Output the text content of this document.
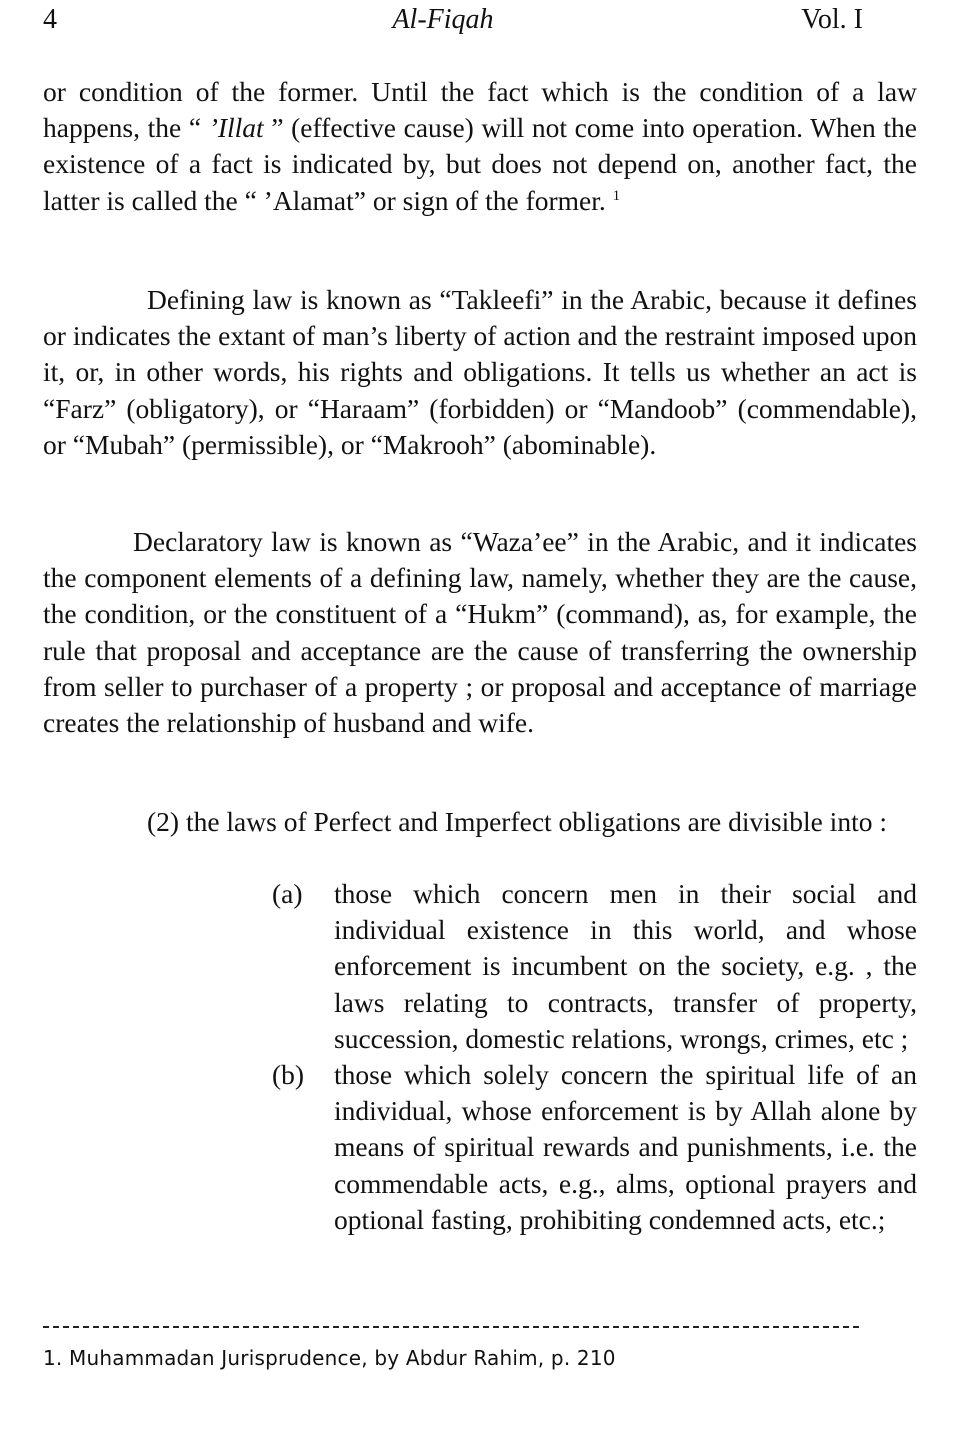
4	Al-Fiqah	Vol. I

or condition of the former. Until the fact which is the condition of a law happens, the “ ’Illat ” (effective cause) will not come into operation. When the existence of a fact is indicated by, but does not depend on, another fact, the latter is called the “ ’Alamat” or sign of the former. $^1$

Defining law is known as “Takleefi” in the Arabic, because it defines or indicates the extant of man’s liberty of action and the restraint imposed upon it, or, in other words, his rights and obligations. It tells us whether an act is “Farz” (obligatory), or “Haraam” (forbidden) or “Mandoob” (commendable), or “Mubah” (permissible), or “Makrooh” (abominable).

Declaratory law is known as “Waza’ee” in the Arabic, and it indicates the component elements of a defining law, namely, whether they are the cause, the condition, or the constituent of a “Hukm” (command), as, for example, the rule that proposal and acceptance are the cause of transferring the ownership from seller to purchaser of a property ; or proposal and acceptance of marriage creates the relationship of husband and wife.

(2) the laws of Perfect and Imperfect obligations are divisible into :

(a)	those which concern men in their social and individual existence in this world, and whose enforcement is incumbent on the society, e.g. , the laws relating to contracts, transfer of property, succession, domestic relations, wrongs, crimes, etc ;
(b)	those which solely concern the spiritual life of an individual, whose enforcement is by Allah alone by means of spiritual rewards and punishments, i.e. the commendable acts, e.g., alms, optional prayers and optional fasting, prohibiting condemned acts, etc.;
1. Muhammadan Jurisprudence, by Abdur Rahim, p. 210
